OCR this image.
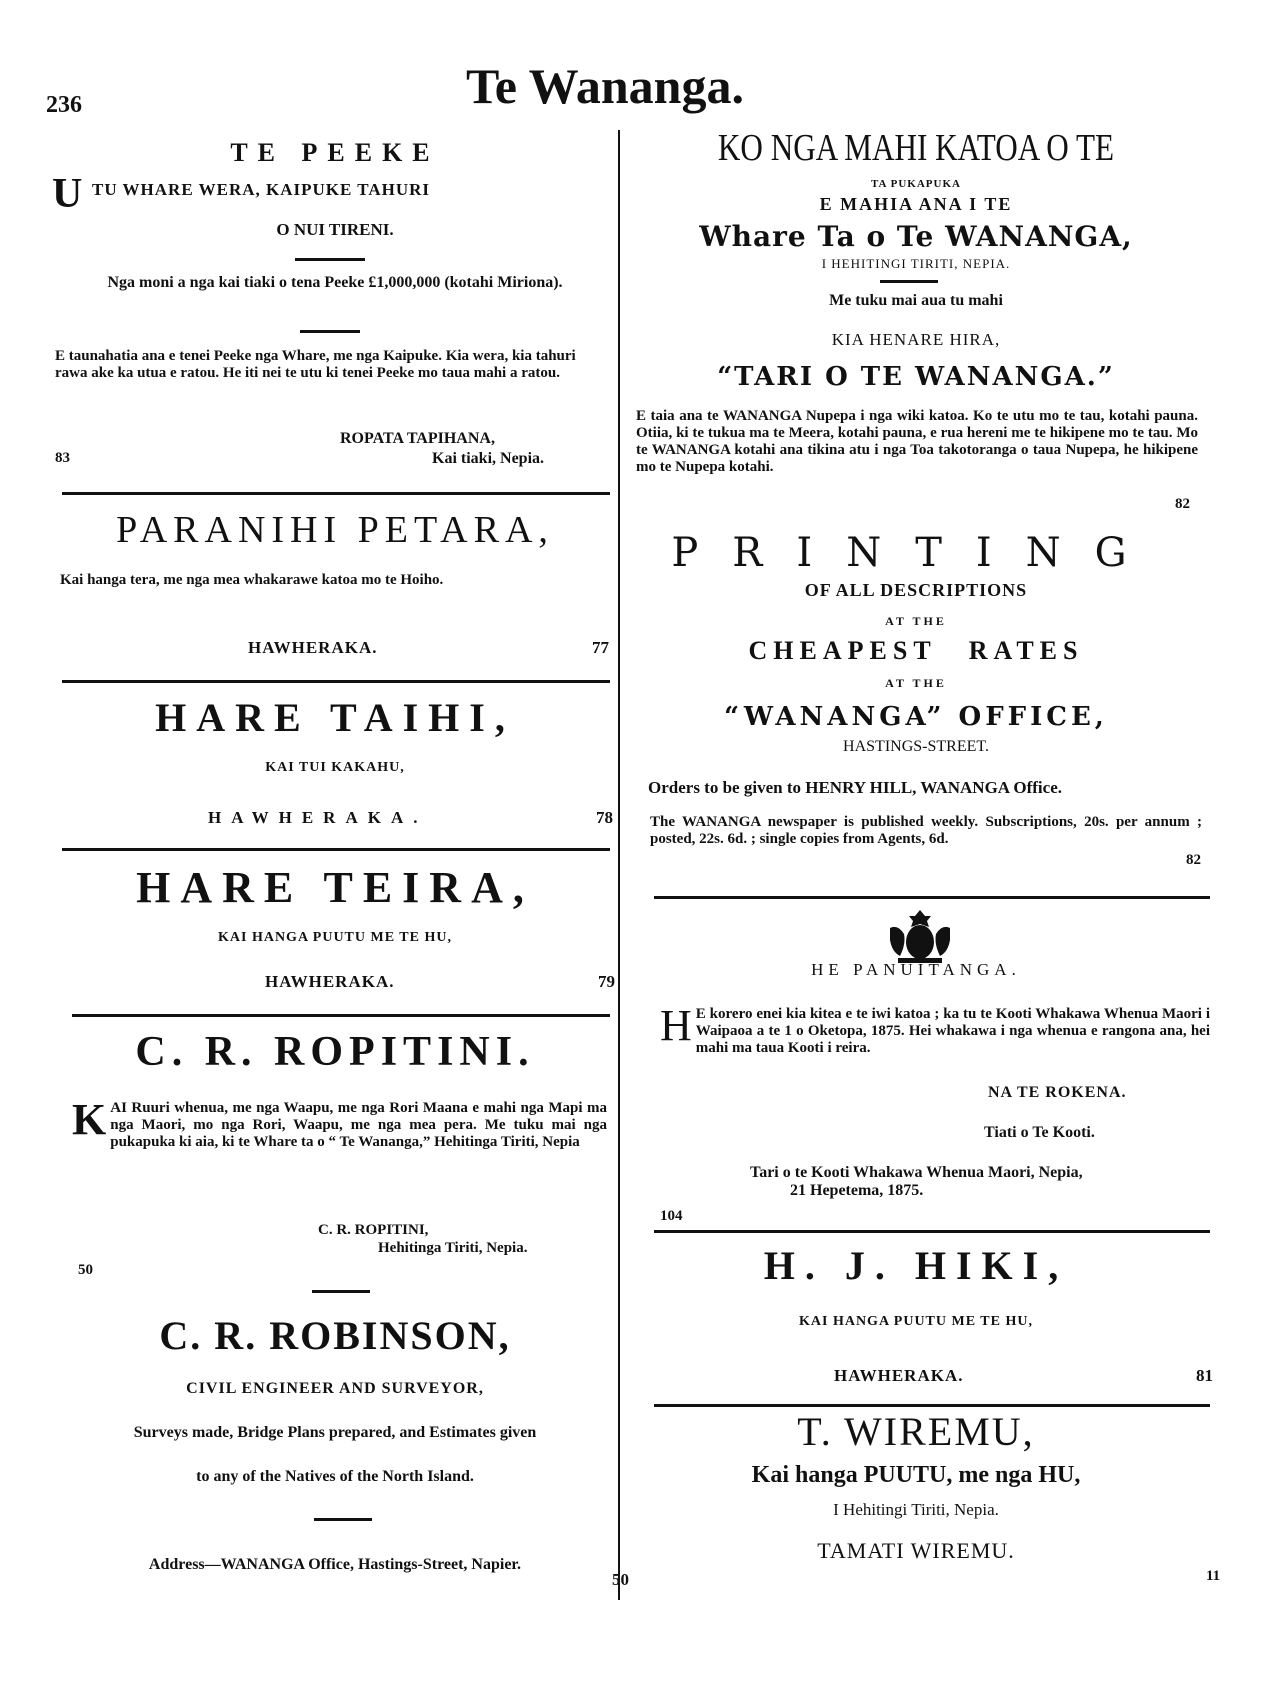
236	Te Wananga.
TE PEEKE
U TU WHARE WERA, KAIPUKE TAHURI
O NUI TIRENI.
Nga moni a nga kai tiaki o tena Peeke £1,000,000 (kotahi Miriona).
E taunahatia ana e tenei Peeke nga Whare, me nga Kaipuke. Kia wera, kia tahuri rawa ake ka utua e ratou. He iti nei te utu ki tenei Peeke mo taua mahi a ratou.
ROPATA TAPIHANA,
83	Kai tiaki, Nepia.
PARANIHI PETARA,
Kai hanga tera, me nga mea whakarawe katoa mo te Hoiho.
HAWHERAKA.	77
HARE TAIHI,
KAI TUI KAKAHU,
HAWHERAKA.	78
HARE TEIRA,
KAI HANGA PUUTU ME TE HU,
HAWHERAKA.	79
C. R. ROPITINI.
K AI Ruuri whenua, me nga Waapu, me nga Rori Maana e mahi nga Mapi ma nga Maori, mo nga Rori, Waapu, me nga mea pera. Me tuku mai nga pukapuka ki aia, ki te Whare ta o “ Te Wananga,” Hehitinga Tiriti, Nepia
C. R. ROPITINI,
Hehitinga Tiriti, Nepia.
50
C. R. ROBINSON,
CIVIL ENGINEER AND SURVEYOR,
Surveys made, Bridge Plans prepared, and Estimates given
to any of the Natives of the North Island.
Address—WANANGA Office, Hastings-Street, Napier.
50
KO NGA MAHI KATOA O TE
TA PUKAPUKA
E MAHIA ANA I TE
Whare Ta o Te WANANGA,
I HEHITINGI TIRITI, NEPIA.
Me tuku mai aua tu mahi
KIA HENARE HIRA,
“TARI O TE WANANGA.”
E taia ana te WANANGA Nupepa i nga wiki katoa. Ko te utu mo te tau, kotahi pauna. Otiia, ki te tukua ma te Meera, kotahi pauna, e rua hereni me te hikipene mo te tau. Mo te WANANGA kotahi ana tikina atu i nga Toa takotoranga o taua Nupepa, he hikipene mo te Nupepa kotahi.
82
PRINTING
OF ALL DESCRIPTIONS
AT THE
CHEAPEST RATES
AT THE
“WANANGA” OFFICE,
HASTINGS-STREET.
Orders to be given to HENRY HILL, WANANGA Office.
The WANANGA newspaper is published weekly. Subscriptions, 20s. per annum ; posted, 22s. 6d. ; single copies from Agents, 6d.
82
HE PANUITANGA.
H E korero enei kia kitea e te iwi katoa ; ka tu te Kooti Whakawa Whenua Maori i Waipaoa a te 1 o Oketopa, 1875. Hei whakawa i nga whenua e rangona ana, hei mahi ma taua Kooti i reira.
NA TE ROKENA.
Tiati o Te Kooti.
Tari o te Kooti Whakawa Whenua Maori, Nepia,
21 Hepetema, 1875.
104
H. J. HIKI,
KAI HANGA PUUTU ME TE HU,
HAWHERAKA.	81
T. WIREMU,
Kai hanga PUUTU, me nga HU,
I Hehitingi Tiriti, Nepia.
TAMATI WIREMU.
11
